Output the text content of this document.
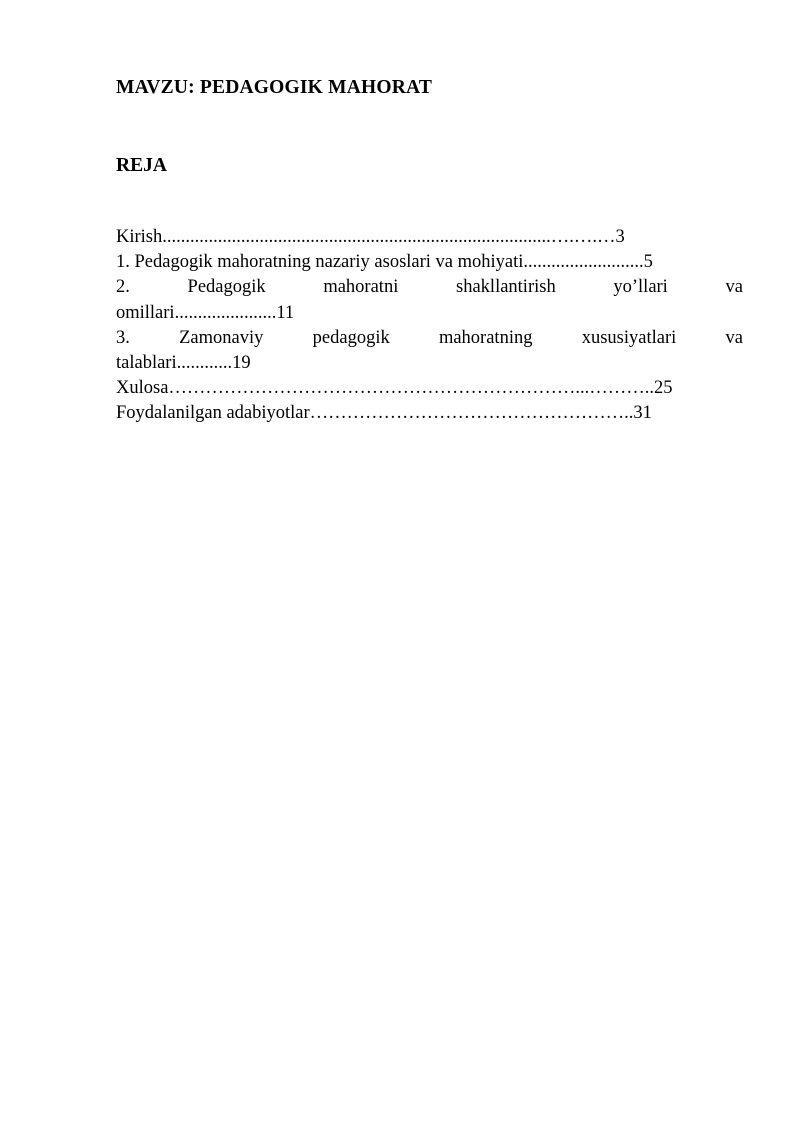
MAVZU: PEDAGOGIK MAHORAT
REJA
Kirish....................................................................................….….…3
1. Pedagogik mahoratning nazariy asoslari va mohiyati..........................5
2.	Pedagogik	mahoratni	shakllantirish	yo’llari	va
omillari......................11
3.	Zamonaviy	pedagogik	mahoratning	xususiyatlari	va
talablari............19
Xulosa…………………………………………………………...………..25
Foydalanilgan adabiyotlar……………………………………………..31
